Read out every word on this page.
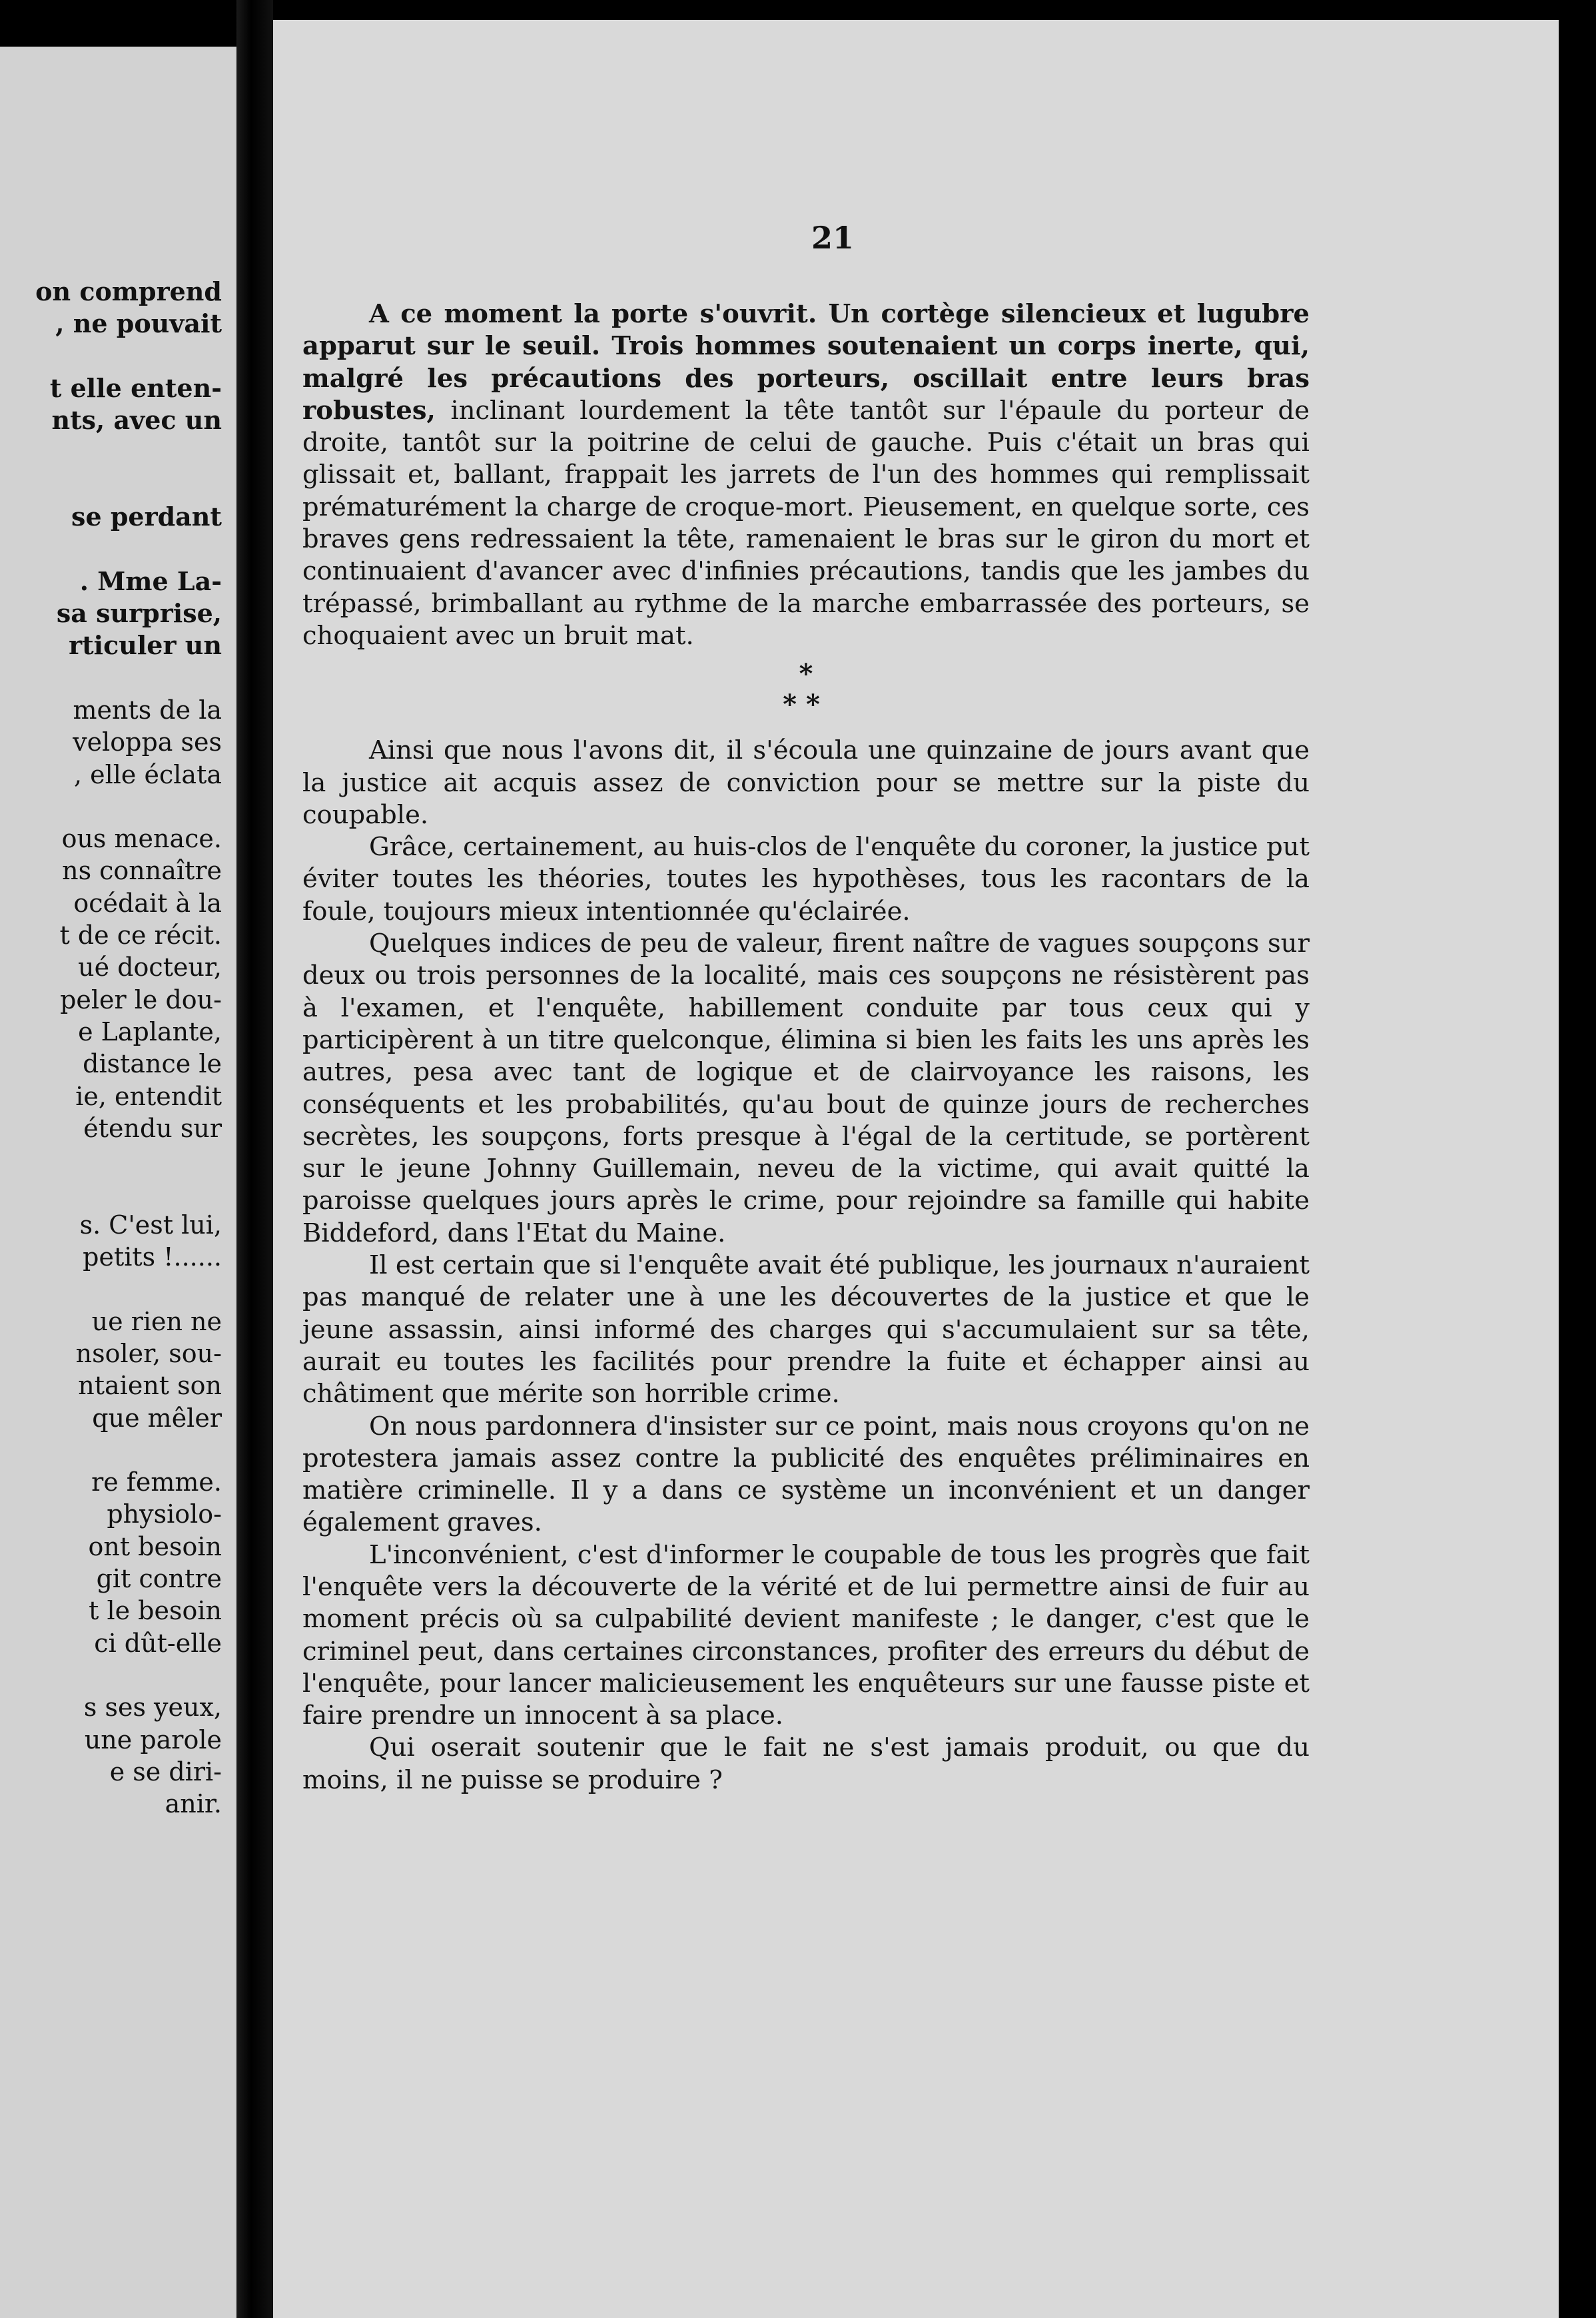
on comprend
, ne pouvait
t elle enten-
nts, avec un
se perdant
. Mme La-
sa surprise,
rticuler un
ments de la
veloppa ses
, elle éclata
ous menace.
ns connaître
océdait à la
t de ce récit.
ué docteur,
peler le dou-
e Laplante,
distance le
ie, entendit
étendu sur
s. C'est lui,
petits !......
ue rien ne
nsoler, sou-
ntaient son
que mêler
re femme.
physiolo-
ont besoin
git contre
t le besoin
ci dût-elle
s ses yeux,
une parole
e se diri-
anir.
21

A ce moment la porte s'ouvrit. Un cortège silencieux et lugubre apparut sur le seuil. Trois hommes soutenaient un corps inerte, qui, malgré les précautions des porteurs, oscillait entre leurs bras robustes, inclinant lourdement la tête tantôt sur l'épaule du porteur de droite, tantôt sur la poitrine de celui de gauche. Puis c'était un bras qui glissait et, ballant, frappait les jarrets de l'un des hommes qui remplissait prématurément la charge de croque-mort. Pieusement, en quelque sorte, ces braves gens redressaient la tête, ramenaient le bras sur le giron du mort et continuaient d'avancer avec d'infinies précautions, tandis que les jambes du trépassé, brimballant au rythme de la marche embarrassée des porteurs, se choquaient avec un bruit mat.

*
**

Ainsi que nous l'avons dit, il s'écoula une quinzaine de jours avant que la justice ait acquis assez de conviction pour se mettre sur la piste du coupable.

Grâce, certainement, au huis-clos de l'enquête du coroner, la justice put éviter toutes les théories, toutes les hypothèses, tous les racontars de la foule, toujours mieux intentionnée qu'éclairée.

Quelques indices de peu de valeur, firent naître de vagues soupçons sur deux ou trois personnes de la localité, mais ces soupçons ne résistèrent pas à l'examen, et l'enquête, habillement conduite par tous ceux qui y participèrent à un titre quelconque, élimina si bien les faits les uns après les autres, pesa avec tant de logique et de clairvoyance les raisons, les conséquents et les probabilités, qu'au bout de quinze jours de recherches secrètes, les soupçons, forts presque à l'égal de la certitude, se portèrent sur le jeune Johnny Guillemain, neveu de la victime, qui avait quitté la paroisse quelques jours après le crime, pour rejoindre sa famille qui habite Biddeford, dans l'Etat du Maine.

Il est certain que si l'enquête avait été publique, les journaux n'auraient pas manqué de relater une à une les découvertes de la justice et que le jeune assassin, ainsi informé des charges qui s'accumulaient sur sa tête, aurait eu toutes les facilités pour prendre la fuite et échapper ainsi au châtiment que mérite son horrible crime.

On nous pardonnera d'insister sur ce point, mais nous croyons qu'on ne protestera jamais assez contre la publicité des enquêtes préliminaires en matière criminelle. Il y a dans ce système un inconvénient et un danger également graves.

L'inconvénient, c'est d'informer le coupable de tous les progrès que fait l'enquête vers la découverte de la vérité et de lui permettre ainsi de fuir au moment précis où sa culpabilité devient manifeste ; le danger, c'est que le criminel peut, dans certaines circonstances, profiter des erreurs du début de l'enquête, pour lancer malicieusement les enquêteurs sur une fausse piste et faire prendre un innocent à sa place.

Qui oserait soutenir que le fait ne s'est jamais produit, ou que du moins, il ne puisse se produire ?
